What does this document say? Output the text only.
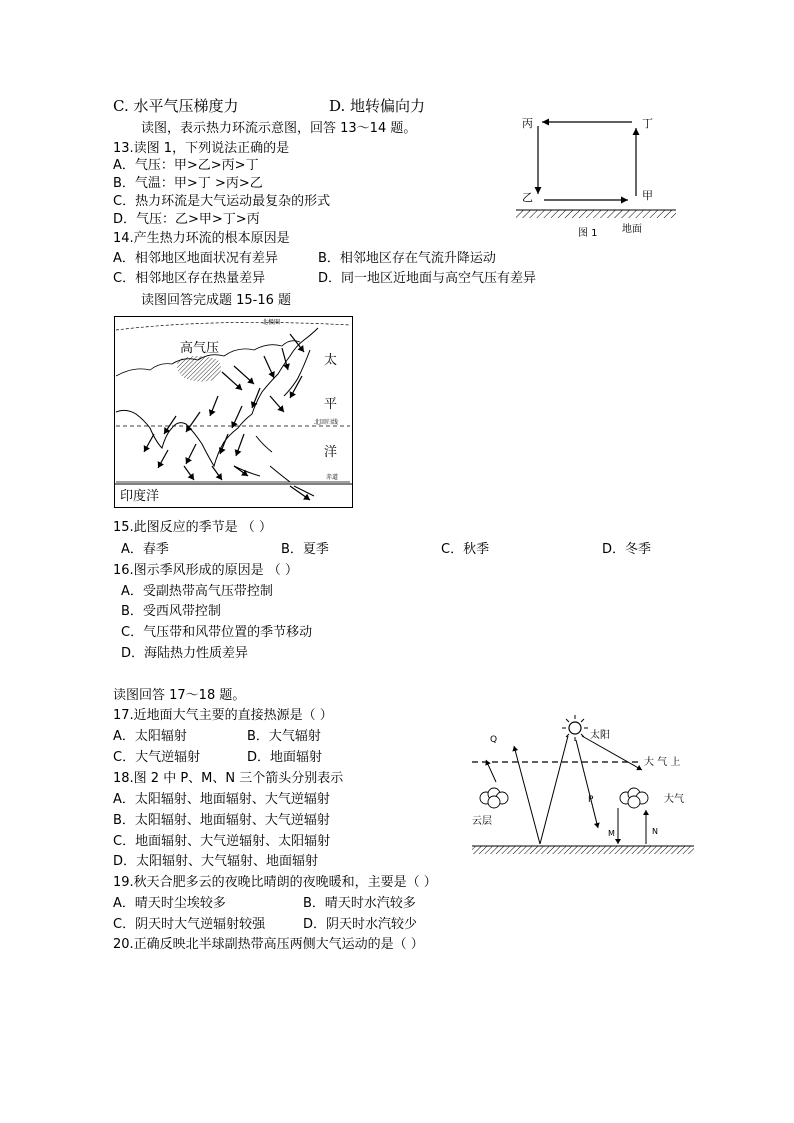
C. 水平气压梯度力	D. 地转偏向力
读图，表示热力环流示意图，回答 13～14 题。
13.读图 1，下列说法正确的是
A．气压：甲>乙>丙>丁
B．气温：甲>丁 >丙>乙
C．热力环流是大气运动最复杂的形式
D．气压：乙>甲>丁>丙
14.产生热力环流的根本原因是
A．相邻地区地面状况有差异	B．相邻地区存在气流升降运动
C．相邻地区存在热量差异	D．同一地区近地面与高空气压有差异
丙	丁
乙	甲
图 1 地面
读图回答完成题 15-16 题
北极圈
高气压
北回归线
赤道
太
平
洋
印度洋
15.此图反应的季节是 （ ）
A．春季	B．夏季	C．秋季	D．冬季
16.图示季风形成的原因是 （ ）
A．受副热带高气压带控制
B．受西风带控制
C．气压带和风带位置的季节移动
D．海陆热力性质差异
读图回答 17～18 题。
17.近地面大气主要的直接热源是（ ）
A．太阳辐射	B．大气辐射
C．大气逆辐射	D．地面辐射
18.图 2 中 P、M、N 三个箭头分别表示
A．太阳辐射、地面辐射、大气逆辐射
B．太阳辐射、地面辐射、大气逆辐射
C．地面辐射、大气逆辐射、太阳辐射
D．太阳辐射、大气辐射、地面辐射
太阳
大 气 上
Q
P
M	N
大气
云层
19.秋天合肥多云的夜晚比晴朗的夜晚暖和，主要是（ ）
A．晴天时尘埃较多	B．晴天时水汽较多
C．阴天时大气逆辐射较强	D．阴天时水汽较少
20.正确反映北半球副热带高压两侧大气运动的是（ ）
